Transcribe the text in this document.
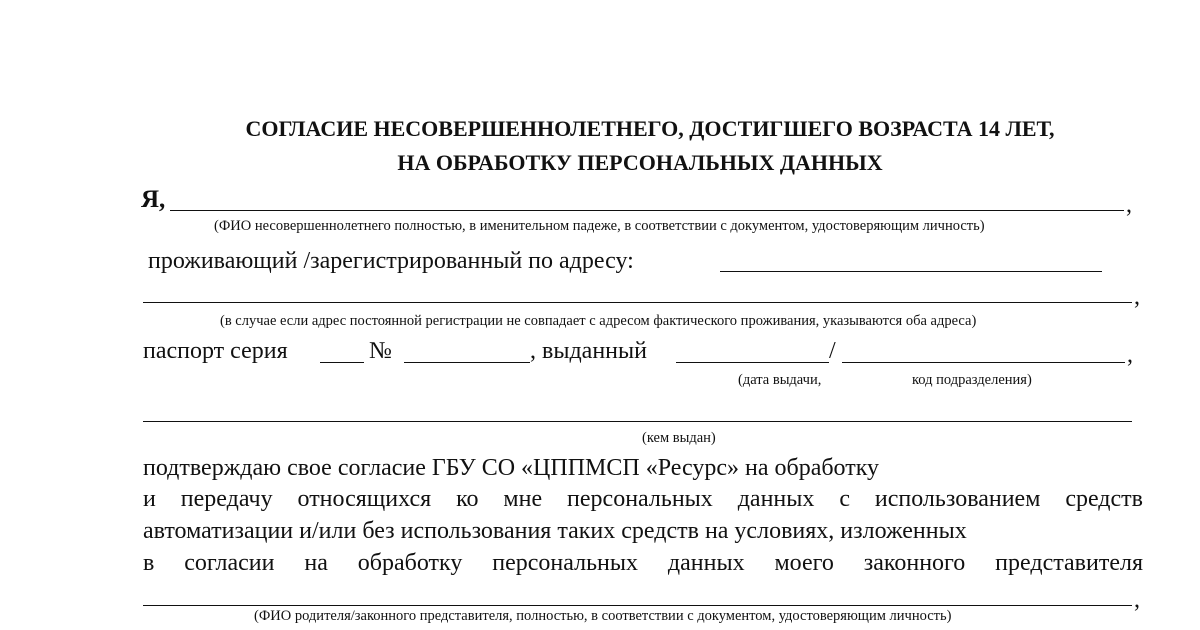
СОГЛАСИЕ НЕСОВЕРШЕННОЛЕТНЕГО, ДОСТИГШЕГО ВОЗРАСТА 14 ЛЕТ,
НА ОБРАБОТКУ ПЕРСОНАЛЬНЫХ ДАННЫХ
Я,	,
(ФИО несовершеннолетнего полностью, в именительном падеже, в соответствии с документом, удостоверяющим личность)
проживающий /зарегистрированный по адресу:
,
(в случае если адрес постоянной регистрации не совпадает с адресом фактического проживания, указываются оба адреса)
паспорт серия	№	, выданный	/	,
(дата выдачи,	код подразделения)
(кем выдан)
подтверждаю свое согласие ГБУ СО «ЦППМСП «Ресурс» на обработку
и передачу относящихся ко мне персональных данных с использованием средств
автоматизации и/или без использования таких средств на условиях, изложенных
в согласии на обработку персональных данных моего законного представителя
,
(ФИО родителя/законного представителя, полностью, в соответствии с документом, удостоверяющим личность)
